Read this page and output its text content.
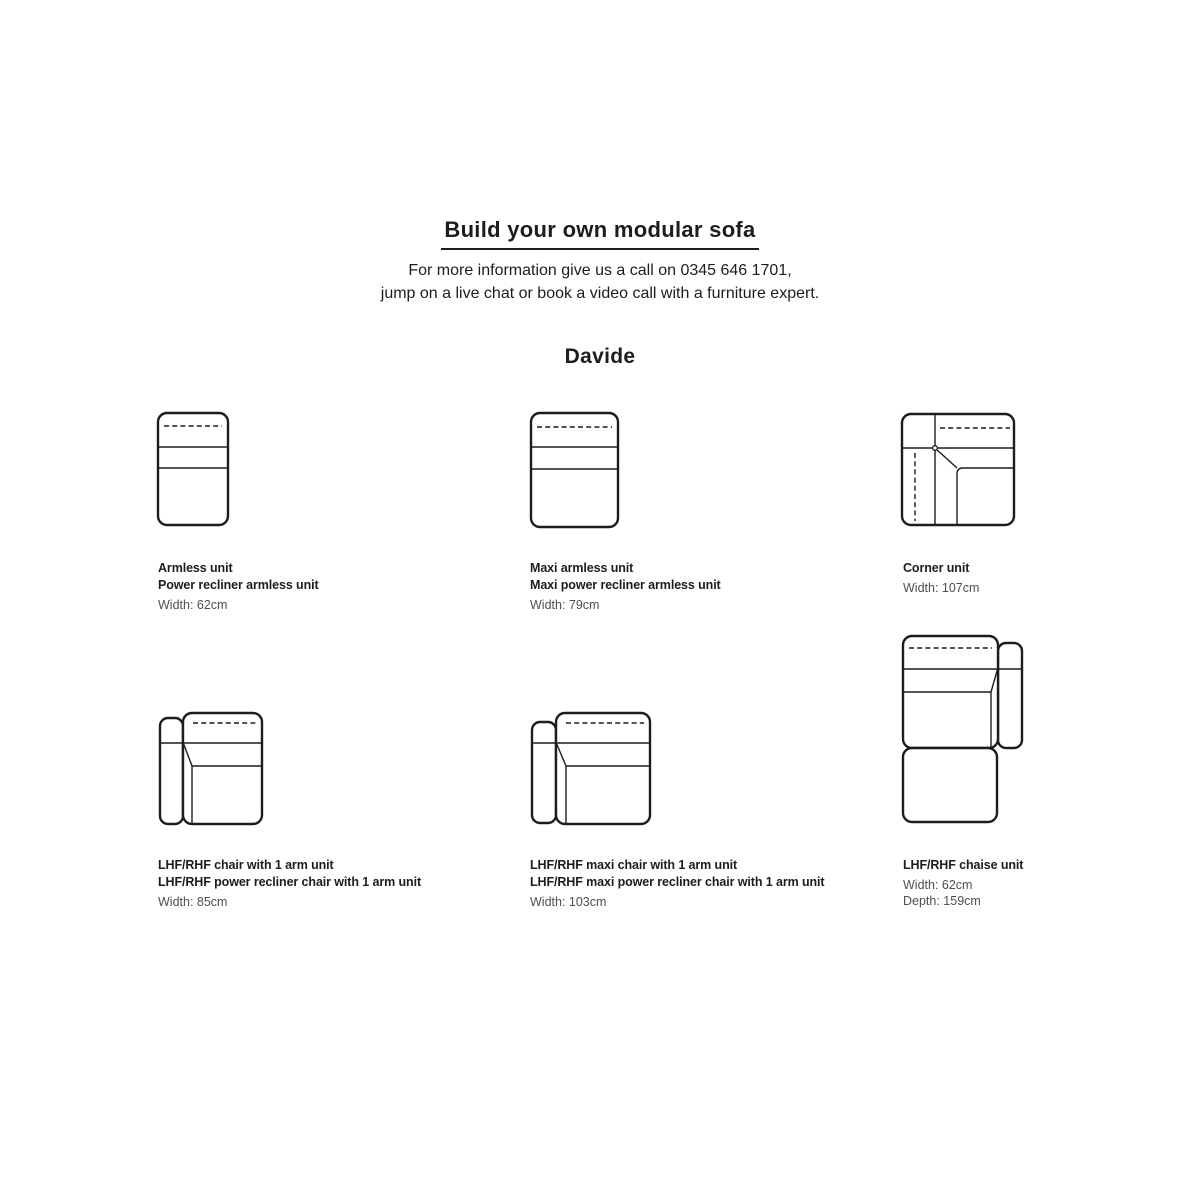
Build your own modular sofa
For more information give us a call on 0345 646 1701,
jump on a live chat or book a video call with a furniture expert.
Davide
Armless unit
Power recliner armless unit
Width: 62cm
Maxi armless unit
Maxi power recliner armless unit
Width: 79cm
Corner unit
Width: 107cm
LHF/RHF chair with 1 arm unit
LHF/RHF power recliner chair with 1 arm unit
Width: 85cm
LHF/RHF maxi chair with 1 arm unit
LHF/RHF maxi power recliner chair with 1 arm unit
Width: 103cm
LHF/RHF chaise unit
Width: 62cm
Depth: 159cm
